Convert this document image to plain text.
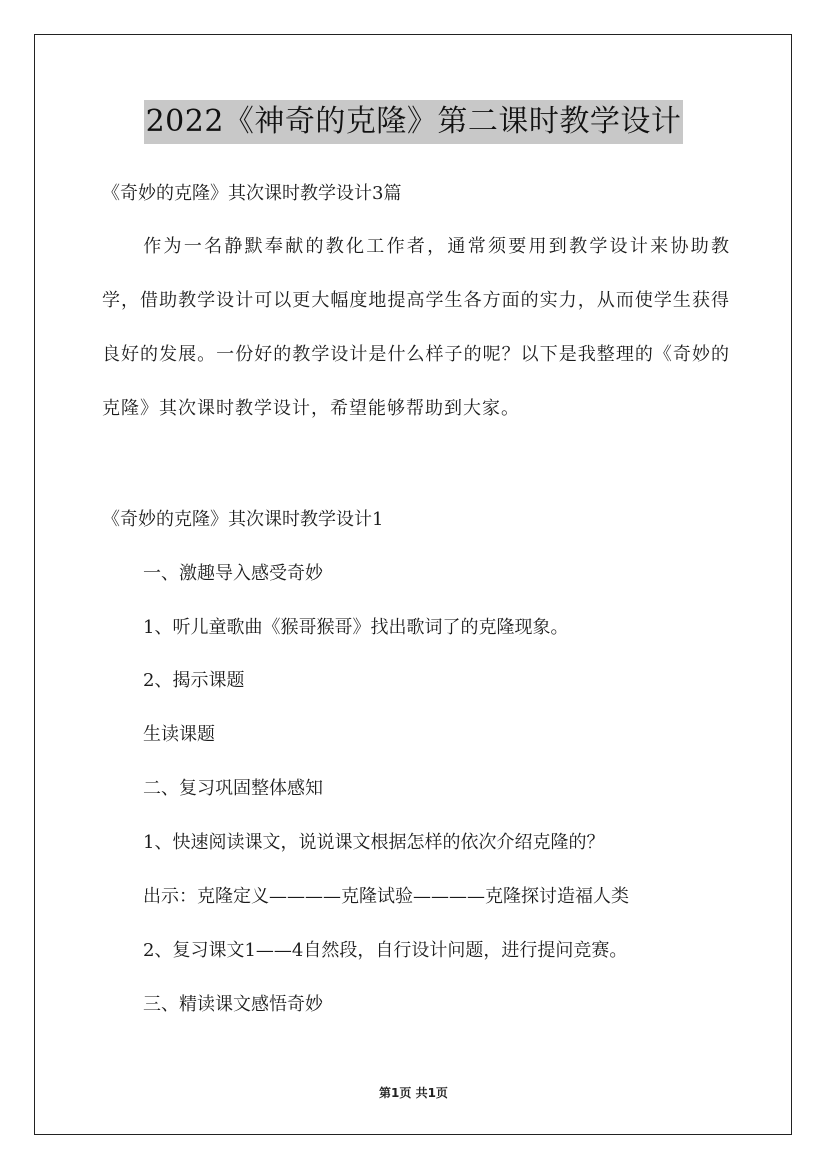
2022《神奇的克隆》第二课时教学设计
《奇妙的克隆》其次课时教学设计3篇
作为一名静默奉献的教化工作者，通常须要用到教学设计来协助教学，借助教学设计可以更大幅度地提高学生各方面的实力，从而使学生获得良好的发展。一份好的教学设计是什么样子的呢？以下是我整理的《奇妙的克隆》其次课时教学设计，希望能够帮助到大家。
《奇妙的克隆》其次课时教学设计1
一、激趣导入感受奇妙
1、听儿童歌曲《猴哥猴哥》找出歌词了的克隆现象。
2、揭示课题
生读课题
二、复习巩固整体感知
1、快速阅读课文，说说课文根据怎样的依次介绍克隆的？
出示：克隆定义————克隆试验————克隆探讨造福人类
2、复习课文1——4自然段，自行设计问题，进行提问竞赛。
三、精读课文感悟奇妙
第1页 共1页
